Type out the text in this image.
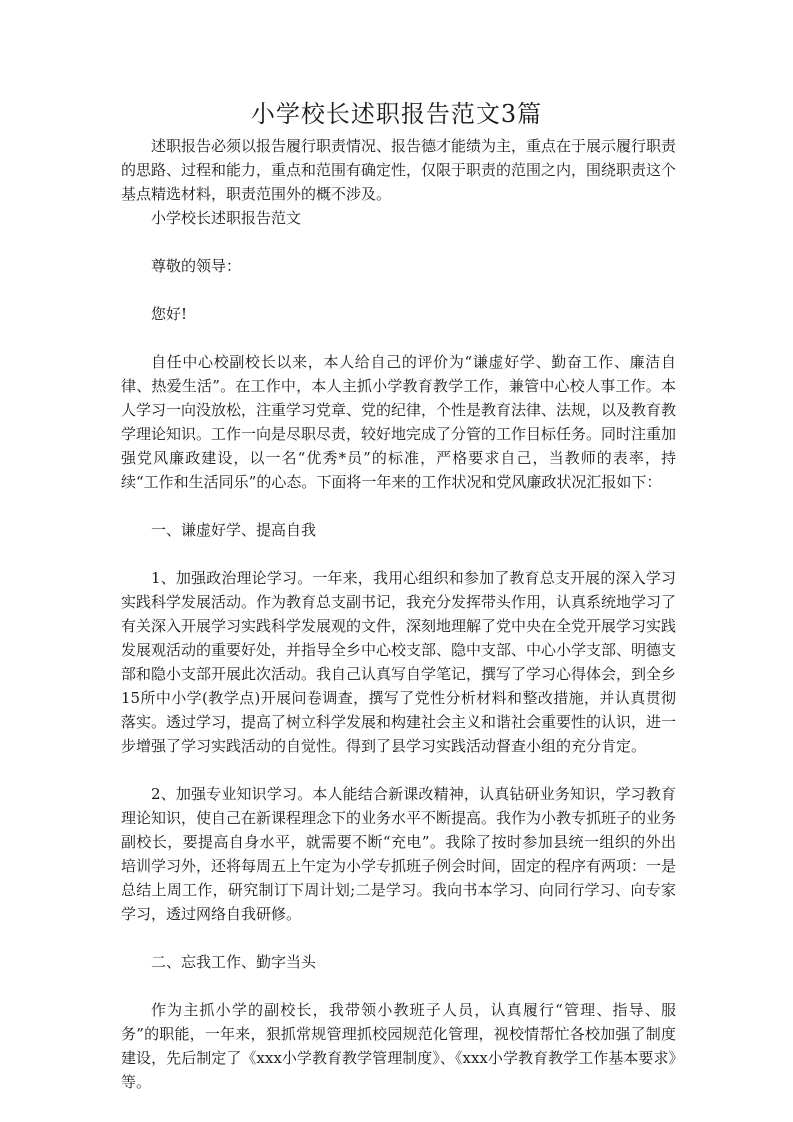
小学校长述职报告范文3篇

述职报告必须以报告履行职责情况、报告德才能绩为主，重点在于展示履行职责的思路、过程和能力，重点和范围有确定性，仅限于职责的范围之内，围绕职责这个基点精选材料，职责范围外的概不涉及。

小学校长述职报告范文

尊敬的领导：

您好!

自任中心校副校长以来，本人给自己的评价为“谦虚好学、勤奋工作、廉洁自律、热爱生活”。在工作中，本人主抓小学教育教学工作，兼管中心校人事工作。本人学习一向没放松，注重学习党章、党的纪律，个性是教育法律、法规，以及教育教学理论知识。工作一向是尽职尽责，较好地完成了分管的工作目标任务。同时注重加强党风廉政建设，以一名“优秀*员”的标准，严格要求自己，当教师的表率，持续“工作和生活同乐”的心态。下面将一年来的工作状况和党风廉政状况汇报如下：

一、谦虚好学、提高自我

1、加强政治理论学习。一年来，我用心组织和参加了教育总支开展的深入学习实践科学发展活动。作为教育总支副书记，我充分发挥带头作用，认真系统地学习了有关深入开展学习实践科学发展观的文件，深刻地理解了党中央在全党开展学习实践发展观活动的重要好处，并指导全乡中心校支部、隐中支部、中心小学支部、明德支部和隐小支部开展此次活动。我自己认真写自学笔记，撰写了学习心得体会，到全乡15所中小学(教学点)开展问卷调查，撰写了党性分析材料和整改措施，并认真贯彻落实。透过学习，提高了树立科学发展和构建社会主义和谐社会重要性的认识，进一步增强了学习实践活动的自觉性。得到了县学习实践活动督查小组的充分肯定。

2、加强专业知识学习。本人能结合新课改精神，认真钻研业务知识，学习教育理论知识，使自己在新课程理念下的业务水平不断提高。我作为小教专抓班子的业务副校长，要提高自身水平，就需要不断“充电”。我除了按时参加县统一组织的外出培训学习外，还将每周五上午定为小学专抓班子例会时间，固定的程序有两项：一是总结上周工作，研究制订下周计划;二是学习。我向书本学习、向同行学习、向专家学习，透过网络自我研修。

二、忘我工作、勤字当头

作为主抓小学的副校长，我带领小教班子人员，认真履行“管理、指导、服务”的职能，一年来，狠抓常规管理抓校园规范化管理，视校情帮忙各校加强了制度建设，先后制定了《xxx小学教育教学管理制度》、《xxx小学教育教学工作基本要求》等。
